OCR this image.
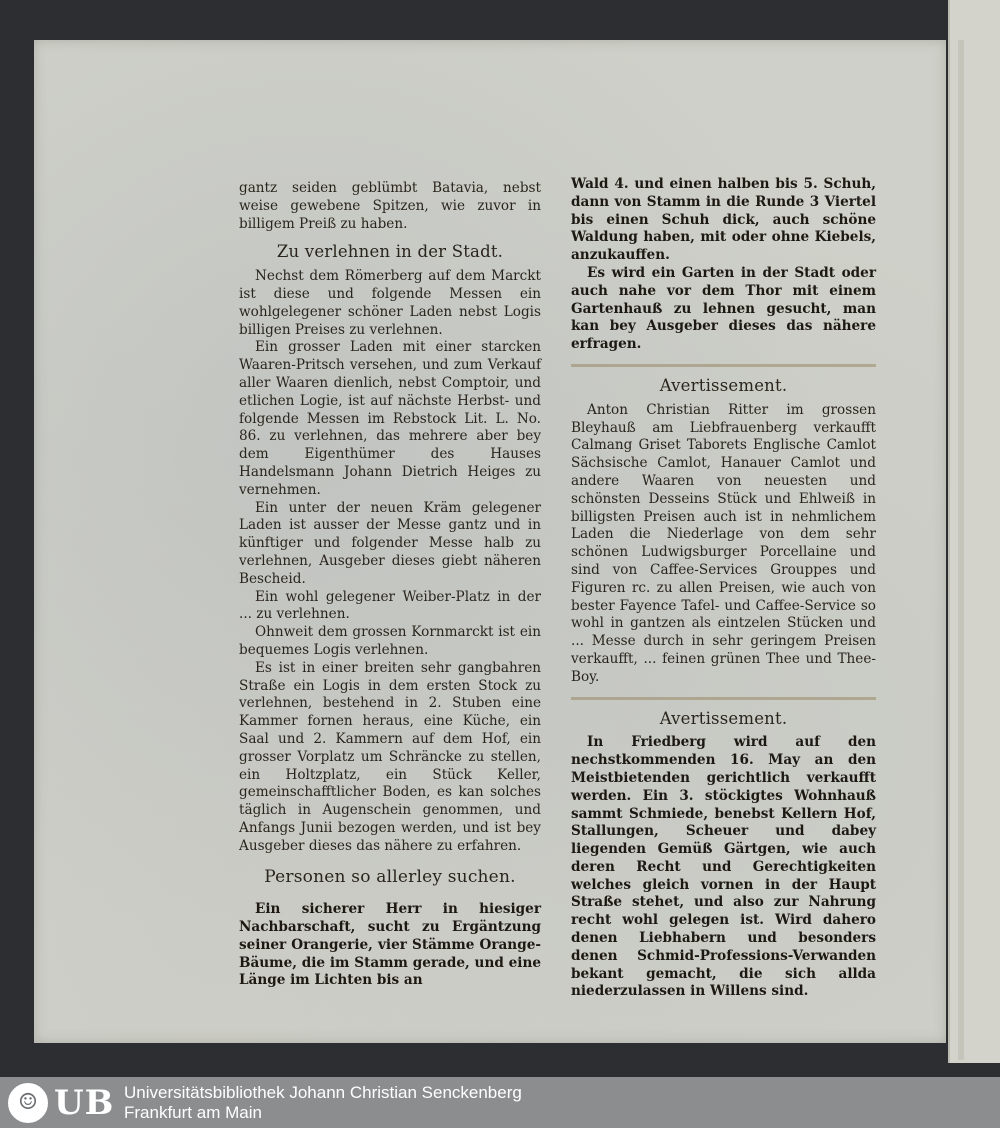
gantz seiden geblümbt Batavia, nebst weise gewebene Spitzen, wie zuvor in billigem Preiß zu haben.

Zu verlehnen in der Stadt.

Nechst dem Römerberg auf dem Marckt ist diese und folgende Messen ein wohlgelegener schöner Laden nebst Logis billigen Preises zu verlehnen.

Ein grosser Laden mit einer starcken Waaren-Pritsch versehen, und zum Verkauf aller Waaren dienlich, nebst Comptoir, und etlichen Logie, ist auf nächste Herbst- und folgende Messen im Rebstock Lit. L. No. 86. zu verlehnen, das mehrere aber bey dem Eigenthümer des Hauses Handelsmann Johann Dietrich Heiges zu vernehmen.

Ein unter der neuen Kräm gelegener Laden ist ausser der Messe gantz und in künftiger und folgender Messe halb zu verlehnen, Ausgeber dieses giebt näheren Bescheid.

Ein wohl gelegener Weiber-Platz in der ... zu verlehnen.

Ohnweit dem grossen Kornmarckt ist ein bequemes Logis verlehnen.

Es ist in einer breiten sehr gangbahren Straße ein Logis in dem ersten Stock zu verlehnen, bestehend in 2. Stuben eine Kammer fornen heraus, eine Küche, ein Saal und 2. Kammern auf dem Hof, ein grosser Vorplatz um Schräncke zu stellen, ein Holtzplatz, ein Stück Keller, gemeinschafftlicher Boden, es kan solches täglich in Augenschein genommen, und Anfangs Junii bezogen werden, und ist bey Ausgeber dieses das nähere zu erfahren.

Personen so allerley suchen.

Ein sicherer Herr in hiesiger Nachbarschaft, sucht zu Ergäntzung seiner Orangerie, vier Stämme Orange-Bäume, die im Stamm gerade, und eine Länge im Lichten bis an

Wald 4. und einen halben bis 5. Schuh, dann von Stamm in die Runde 3 Viertel bis einen Schuh dick, auch schöne Waldung haben, mit oder ohne Kiebels, anzukauffen.

Es wird ein Garten in der Stadt oder auch nahe vor dem Thor mit einem Gartenhauß zu lehnen gesucht, man kan bey Ausgeber dieses das nähere erfragen.

Avertissement.

Anton Christian Ritter im grossen Bleyhauß am Liebfrauenberg verkaufft Calmang Griset Taborets Englische Camlot Sächsische Camlot, Hanauer Camlot und andere Waaren von neuesten und schönsten Desseins Stück und Ehlweiß in billigsten Preisen auch ist in nehmlichem Laden die Niederlage von dem sehr schönen Ludwigsburger Porcellaine und sind von Caffee-Services Grouppes und Figuren rc. zu allen Preisen, wie auch von bester Fayence Tafel- und Caffee-Service so wohl in gantzen als eintzelen Stücken und ... Messe durch in sehr geringem Preisen verkaufft, ... feinen grünen Thee und Thee-Boy.

Avertissement.

In Friedberg wird auf den nechstkommenden 16. May an den Meistbietenden gerichtlich verkaufft werden. Ein 3. stöckigtes Wohnhauß sammt Schmiede, benebst Kellern Hof, Stallungen, Scheuer und dabey liegenden Gemüß Gärtgen, wie auch deren Recht und Gerechtigkeiten welches gleich vornen in der Haupt Straße stehet, und also zur Nahrung recht wohl gelegen ist. Wird dahero denen Liebhabern und besonders denen Schmid-Professions-Verwanden bekant gemacht, die sich allda niederzulassen in Willens sind.

☺ UB Universitätsbibliothek Johann Christian Senckenberg
Frankfurt am Main
